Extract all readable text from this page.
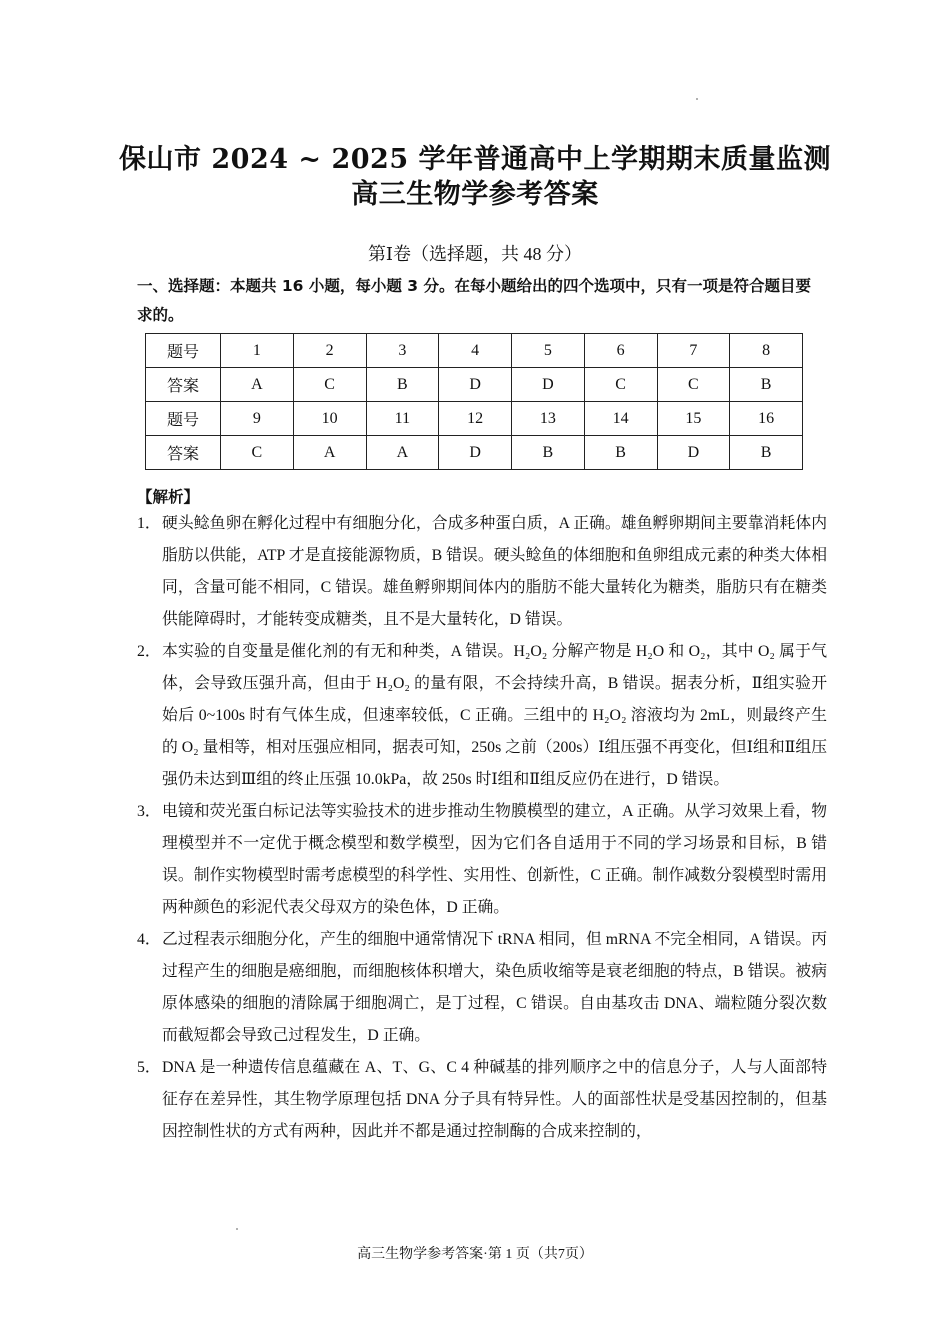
保山市 2024 ~ 2025 学年普通高中上学期期末质量监测
高三生物学参考答案
第Ⅰ卷（选择题，共 48 分）
一、选择题：本题共 16 小题，每小题 3 分。在每小题给出的四个选项中，只有一项是符合题目要求的。
题号	1	2	3	4	5	6	7	8
答案	A	C	B	D	D	C	C	B
题号	9	10	11	12	13	14	15	16
答案	C	A	A	D	B	B	D	B
【解析】
1． 硬头鲶鱼卵在孵化过程中有细胞分化，合成多种蛋白质，A 正确。雄鱼孵卵期间主要靠消耗体内脂肪以供能，ATP 才是直接能源物质，B 错误。硬头鲶鱼的体细胞和鱼卵组成元素的种类大体相同，含量可能不相同，C 错误。雄鱼孵卵期间体内的脂肪不能大量转化为糖类，脂肪只有在糖类供能障碍时，才能转变成糖类，且不是大量转化，D 错误。
2． 本实验的自变量是催化剂的有无和种类，A 错误。H₂O₂ 分解产物是 H₂O 和 O₂，其中 O₂ 属于气体，会导致压强升高，但由于 H₂O₂ 的量有限，不会持续升高，B 错误。据表分析，Ⅱ组实验开始后 0~100s 时有气体生成，但速率较低，C 正确。三组中的 H₂O₂ 溶液均为 2mL，则最终产生的 O₂ 量相等，相对压强应相同，据表可知，250s 之前（200s）Ⅰ组压强不再变化，但Ⅰ组和Ⅱ组压强仍未达到Ⅲ组的终止压强 10.0kPa，故 250s 时Ⅰ组和Ⅱ组反应仍在进行，D 错误。
3． 电镜和荧光蛋白标记法等实验技术的进步推动生物膜模型的建立，A 正确。从学习效果上看，物理模型并不一定优于概念模型和数学模型，因为它们各自适用于不同的学习场景和目标，B 错误。制作实物模型时需考虑模型的科学性、实用性、创新性，C 正确。制作减数分裂模型时需用两种颜色的彩泥代表父母双方的染色体，D 正确。
4． 乙过程表示细胞分化，产生的细胞中通常情况下 tRNA 相同，但 mRNA 不完全相同，A 错误。丙过程产生的细胞是癌细胞，而细胞核体积增大，染色质收缩等是衰老细胞的特点，B 错误。被病原体感染的细胞的清除属于细胞凋亡，是丁过程，C 错误。自由基攻击 DNA、端粒随分裂次数而截短都会导致己过程发生，D 正确。
5． DNA 是一种遗传信息蕴藏在 A、T、G、C 4 种碱基的排列顺序之中的信息分子，人与人面部特征存在差异性，其生物学原理包括 DNA 分子具有特异性。人的面部性状是受基因控制的，但基因控制性状的方式有两种，因此并不都是通过控制酶的合成来控制的，
高三生物学参考答案·第 1 页（共7页）
